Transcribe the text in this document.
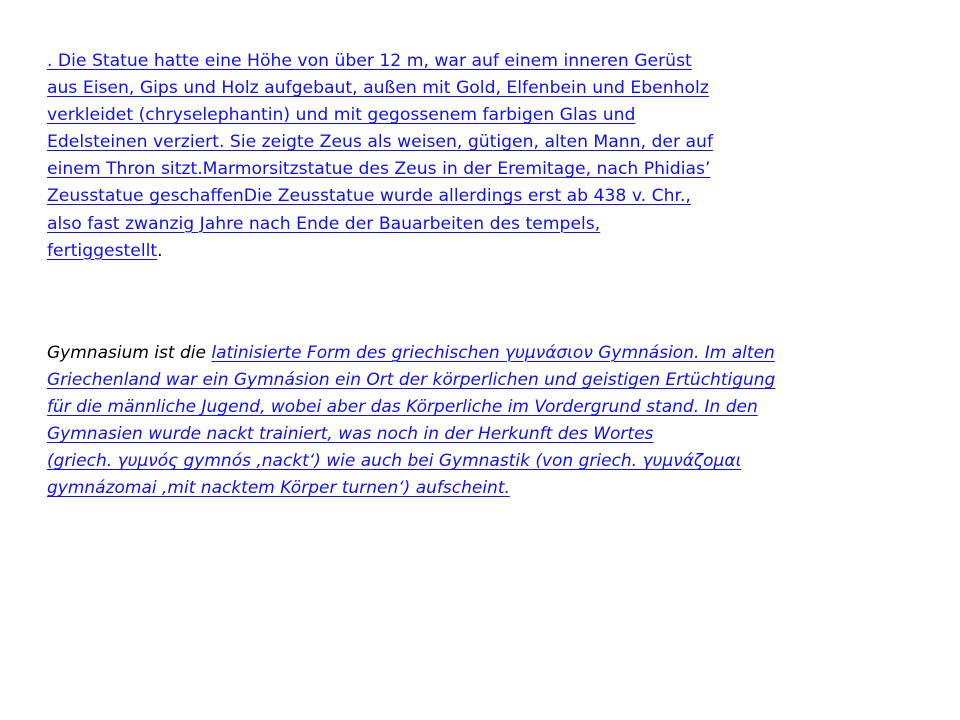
. Die Statue hatte eine Höhe von über 12 m, war auf einem inneren Gerüst
aus Eisen, Gips und Holz aufgebaut, außen mit Gold, Elfenbein und Ebenholz
verkleidet (chryselephantin) und mit gegossenem farbigen Glas und
Edelsteinen verziert. Sie zeigte Zeus als weisen, gütigen, alten Mann, der auf
einem Thron sitzt.Marmorsitzstatue des Zeus in der Eremitage, nach Phidias’
Zeusstatue geschaffenDie Zeusstatue wurde allerdings erst ab 438 v. Chr.,
also fast zwanzig Jahre nach Ende der Bauarbeiten des tempels,
fertiggestellt.
Gymnasium ist die latinisierte Form des griechischen γυμνάσιον Gymnásion. Im alten
Griechenland war ein Gymnásion ein Ort der körperlichen und geistigen Ertüchtigung
für die männliche Jugend, wobei aber das Körperliche im Vordergrund stand. In den
Gymnasien wurde nackt trainiert, was noch in der Herkunft des Wortes
(griech. γυμνός gymnós ‚nackt‘) wie auch bei Gymnastik (von griech. γυμνάζομαι
gymnázomai ‚mit nacktem Körper turnen‘) aufscheint.
